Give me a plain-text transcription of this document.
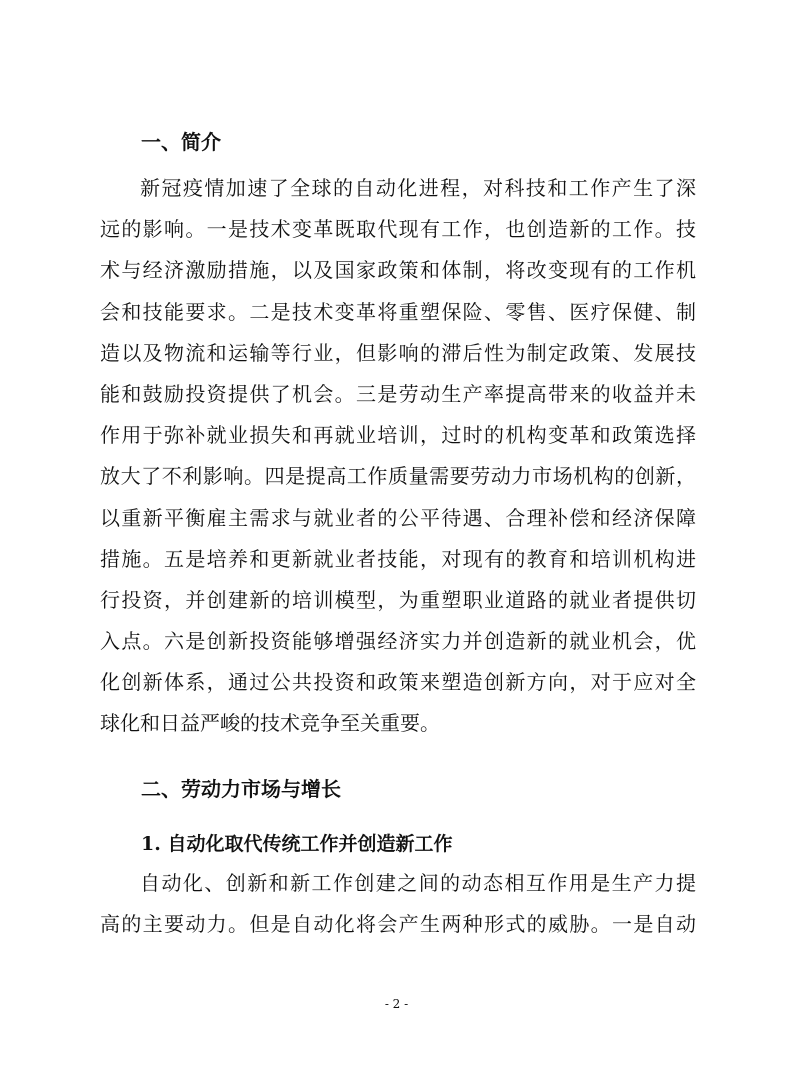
一、简介
新冠疫情加速了全球的自动化进程，对科技和工作产生了深
远的影响。一是技术变革既取代现有工作，也创造新的工作。技
术与经济激励措施，以及国家政策和体制，将改变现有的工作机
会和技能要求。二是技术变革将重塑保险、零售、医疗保健、制
造以及物流和运输等行业，但影响的滞后性为制定政策、发展技
能和鼓励投资提供了机会。三是劳动生产率提高带来的收益并未
作用于弥补就业损失和再就业培训，过时的机构变革和政策选择
放大了不利影响。四是提高工作质量需要劳动力市场机构的创新，
以重新平衡雇主需求与就业者的公平待遇、合理补偿和经济保障
措施。五是培养和更新就业者技能，对现有的教育和培训机构进
行投资，并创建新的培训模型，为重塑职业道路的就业者提供切
入点。六是创新投资能够增强经济实力并创造新的就业机会，优
化创新体系，通过公共投资和政策来塑造创新方向，对于应对全
球化和日益严峻的技术竞争至关重要。
二、劳动力市场与增长
1. 自动化取代传统工作并创造新工作
自动化、创新和新工作创建之间的动态相互作用是生产力提
高的主要动力。但是自动化将会产生两种形式的威胁。一是自动
- 2 -
